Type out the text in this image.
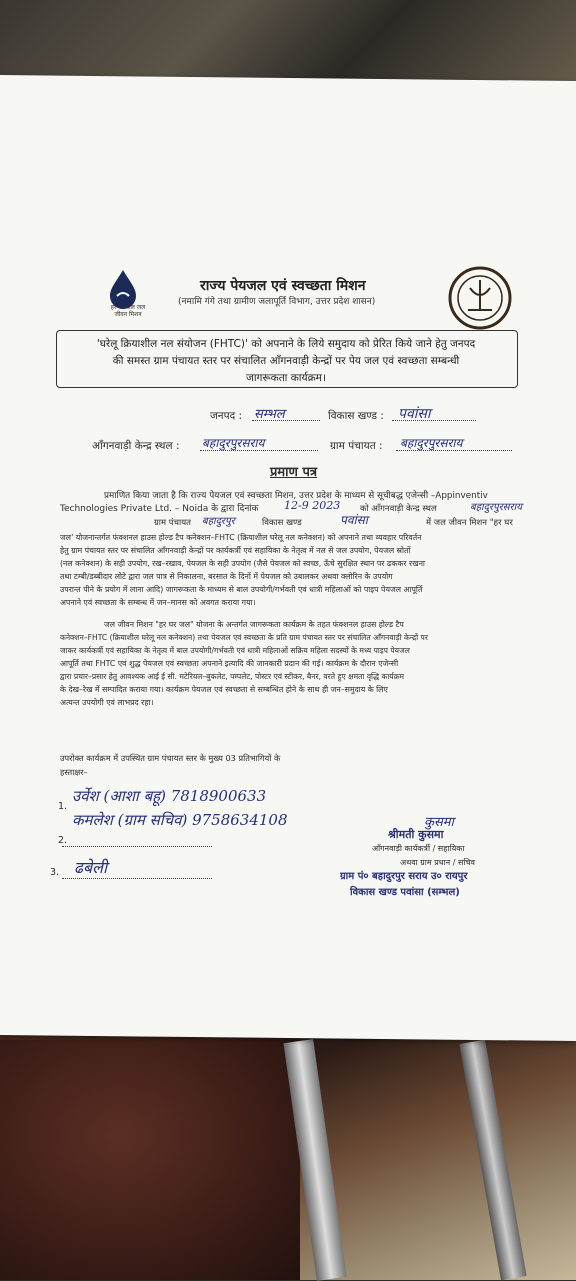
हर घर जल जल जीवन मिशन
राज्य पेयजल एवं स्वच्छता मिशन
(नमामि गंगे तथा ग्रामीण जलापूर्ति विभाग, उत्तर प्रदेश शासन)
'घरेलू क्रियाशील नल संयोजन (FHTC)' को अपनाने के लिये समुदाय को प्रेरित किये जाने हेतु जनपद
की समस्त ग्राम पंचायत स्तर पर संचालित आँगनवाड़ी केन्द्रों पर पेय जल एवं स्वच्छता सम्बन्धी
जागरूकता कार्यक्रम।
जनपद : सम्भल	विकास खण्ड : पवांसा
आँगनवाड़ी केन्द्र स्थल : बहादुरपुरसराय	ग्राम पंचायत : बहादुरपुरसराय
प्रमाण पत्र
प्रमाणित किया जाता है कि राज्य पेयजल एवं स्वच्छता मिशन, उत्तर प्रदेश के माध्यम से सूचीबद्ध एजेन्सी –Appinventiv
Technologies Private Ltd. – Noida के द्वारा दिनांक 12-9 2023 को आँगनवाड़ी केन्द्र स्थल	बहादुरपुरसराय
ग्राम पंचायत बहादुरपुर	विकास खण्ड	पवांसा	में जल जीवन मिशन "हर घर
जल' योजनान्तर्गत फंक्शनल हाउस होल्ड टैप कनेक्शन–FHTC (क्रियाशील घरेलू नल कनेक्शन) को अपनाने तथा व्यवहार परिवर्तन
हेतु ग्राम पंचायत स्तर पर संचालित आँगनवाड़ी केन्द्रों पर कार्यकर्त्री एवं सहायिका के नेतृत्व में नल से जल उपयोग, पेयजल स्रोतों
(नल कनेक्शन) के सही उपयोग, रख–रखाव, पेयजल के सही उपयोग (जैसे पेयजल को स्वच्छ, ऊँचे सुरक्षित स्थान पर ढककर रखना
तथा टम्बी/डब्बीदार लोटे द्वारा जल पात्र से निकालना, बरसात के दिनों में पेयजल को उबालकर अथवा क्लोरिन के उपयोग
उपरान्त पीने के प्रयोग में लाना आदि) जागरूकता के माध्यम से बाल उपयोगी/गर्भवती एवं धात्री महिलाओं को पाइप पेयजल आपूर्ति
अपनाने एवं स्वच्छता के सम्बन्ध में जन–मानस को अवगत कराया गया।
जल जीवन मिशन "हर घर जल" योजना के अन्तर्गत जागरूकता कार्यक्रम के तहत फंक्शनल हाउस होल्ड टैप
कनेक्शन–FHTC (क्रियाशील घरेलू नल कनेक्शन) तथा पेयजल एवं स्वच्छता के प्रति ग्राम पंचायत स्तर पर संचालित आँगनवाड़ी केन्द्रों पर
जाकर कार्यकर्त्री एवं सहायिका के नेतृत्व में बाल उपयोगी/गर्भवती एवं धात्री महिलाओं सक्रिय महिला सदस्यों के मध्य पाइप पेयजल
आपूर्ति तथा FHTC एवं शुद्ध पेयजल एवं स्वच्छता अपनाने इत्यादि की जानकारी प्रदान की गई। कार्यक्रम के दौरान एजेन्सी
द्वारा प्रचार–प्रसार हेतु आवश्यक आई ई सी. मटेरियल–बुकलेट, पम्पलेट, पोस्टर एवं स्टीकर, बैनर, वरते हुए क्षमता वृद्धि कार्यक्रम
के देख–रेख में सम्पादित कराया गया। कार्यक्रम पेयजल एवं स्वच्छता से सम्बन्धित होने के साथ ही जन–समुदाय के लिए
अत्यन्त उपयोगी एवं लाभप्रद रहा।
उपरोक्त कार्यक्रम में उपस्थित ग्राम पंचायत स्तर के मुख्य 03 प्रतिभागियों के
हस्ताक्षर–
1.
उर्वेश (आशा बहू) 7818900633
2.
कमलेश (ग्राम सचिव) 9758634108
3. ढबेली
कुसमा
श्रीमती कुसमा
आँगनवाड़ी कार्यकर्त्री / सहायिका
अथवा ग्राम प्रधान / सचिव
ग्राम पं० बहादुरपुर सराय उ० रायपुर
विकास खण्ड पवांसा (सम्भल)
